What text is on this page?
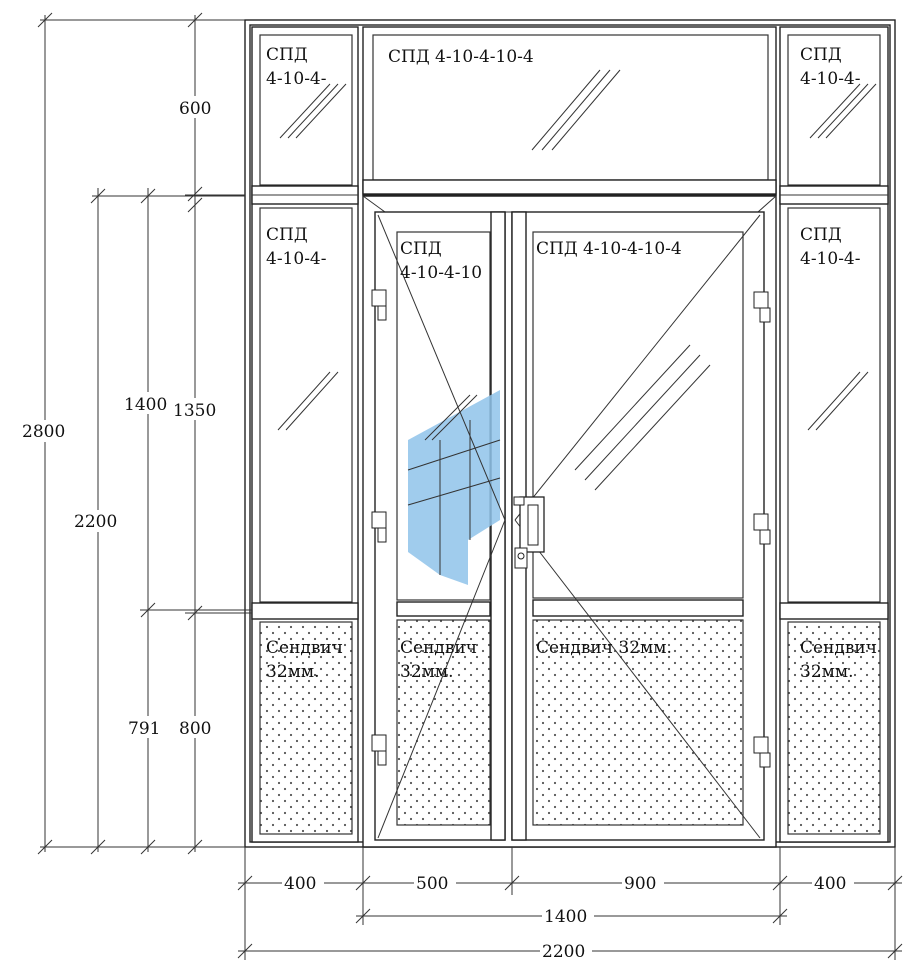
СПД
4-10-4-
СПД 4-10-4-10-4	СПД
4-10-4-
СПД
4-10-4-	СПД
4-10-4-10
СПД 4-10-4-10-4
СПД
4-10-4-
Сендвич
32мм.
Сендвич
32мм.
Сендвич 32мм.	Сендвич
32мм.
2800
2200
1400 1350
600
791 800
400	500	900	400
1400
2200
